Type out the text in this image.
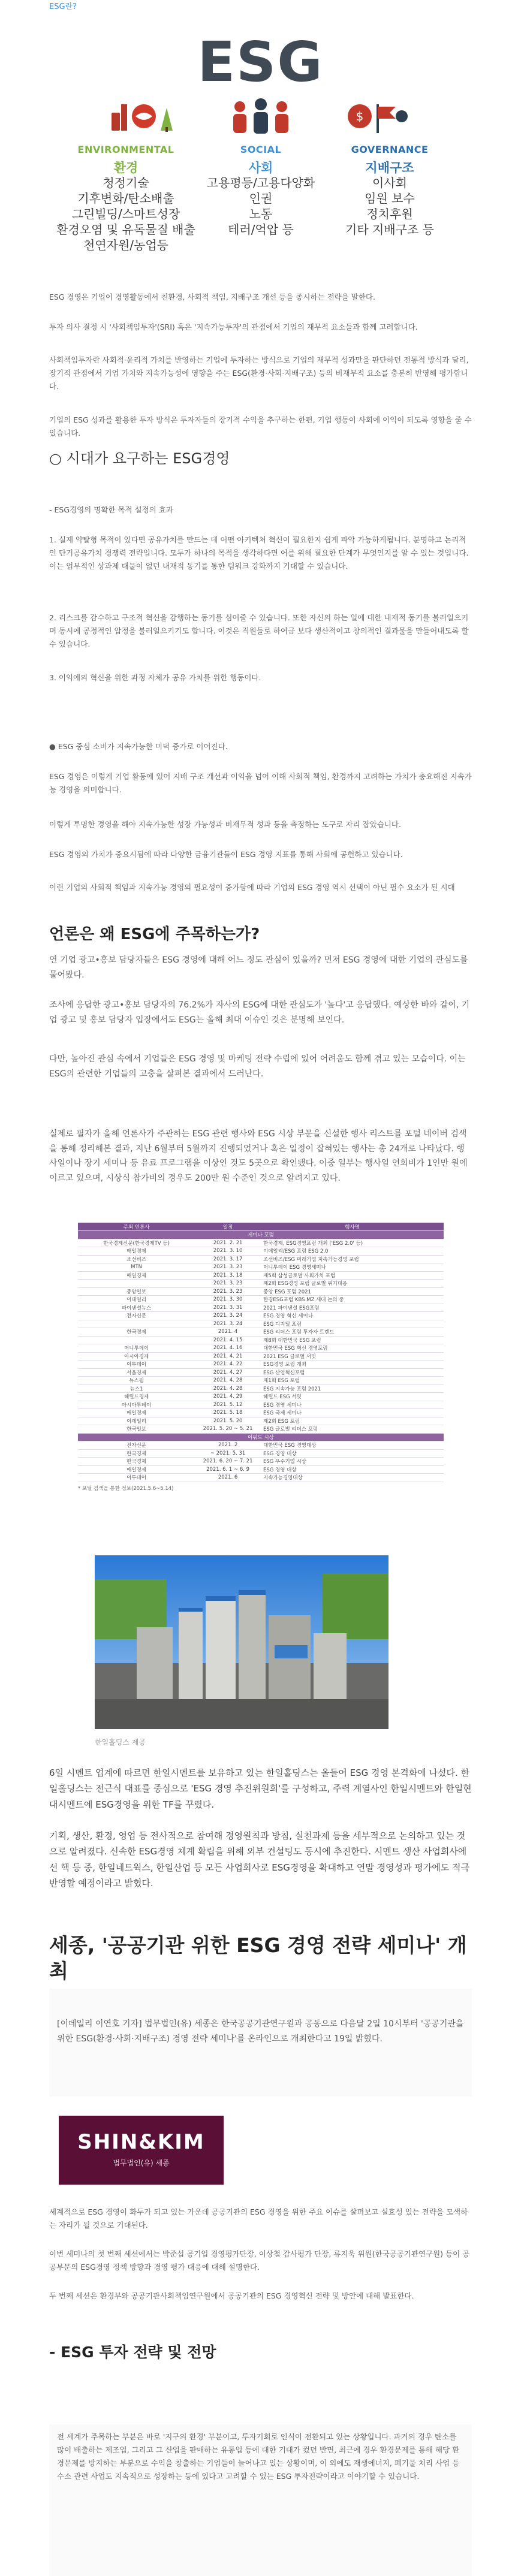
ESG란?
ESG
$
ENVIRONMENTAL	SOCIAL	GOVERNANCE
환경	사회	지배구조
청정기술
기후변화/탄소배출
그린빌딩/스마트성장
환경오염 및 유독물질 배출
천연자원/농업등
고용평등/고용다양화
인권
노동
테러/억압 등
이사회
임원 보수
정치후원
기타 지배구조 등

ESG 경영은 기업이 경영활동에서 친환경, 사회적 책임, 지배구조 개선 등을 종시하는 전략을 말한다.

투자 의사 결정 시 '사회책임투자'(SRI) 혹은 '지속가능투자'의 관점에서 기업의 재무적 요소들과 함께 고려합니다.

사회책임투자란 사회적·윤리적 가치를 반영하는 기업에 투자하는 방식으로 기업의 재무적 성과만을 판단하던 전통적 방식과 달리, 장기적 관점에서 기업 가치와 지속가능성에 영향을 주는 ESG(환경·사회·지배구조) 등의 비재무적 요소를 충분히 반영해 평가합니다.

기업의 ESG 성과를 활용한 투자 방식은 투자자들의 장기적 수익을 추구하는 한편, 기업 행동이 사회에 이익이 되도록 영향을 줄 수 있습니다.

○ 시대가 요구하는 ESG경영

- ESG경영의 명확한 목적 설정의 효과

1. 실제 약탈형 목적이 있다면 공유가치를 만드는 데 어떤 아키텍처 혁신이 필요한지 쉽게 파악 가능하게됩니다. 분명하고 논리적인 단기공유가치 경쟁력 전략입니다. 모두가 하나의 목적을 생각하다면 어를 위해 필요한 단계가 무엇인지를 알 수 있는 것입니다. 이는 업무적인 상과제 대물이 없던 내재적 동기를 통한 팀워크 강화까지 기대할 수 있습니다.

2. 리스크를 감수하고 구조적 혁신을 감행하는 동기를 심어줄 수 있습니다. 또한 자신의 하는 일에 대한 내재적 동기를 불러일으키며 동시에 공정적인 압정을 불러일으키기도 합니다. 이것은 직원들로 하여금 보다 생산적이고 창의적인 결과물을 만들어내도록 할 수 있습니다.

3. 이익에의 혁신을 위한 과정 자체가 공유 가치를 위한 행동이다.

● ESG 중심 소비가 지속가능한 미덕 중가로 이어진다.

ESG 경영은 이렇게 기업 활동에 있어 지배 구조 개선과 이익을 넘어 이해 사회적 책임, 환경까지 고려하는 가치가 충요해진 지속가능 경영을 의미합니다.

이렇게 투명한 경영을 해야 지속가능한 성장 가능성과 비재무적 성과 등을 측정하는 도구로 자리 잡았습니다.

ESG 경영의 가치가 중요시됨에 따라 다양한 금융기관들이 ESG 경영 지표를 통해 사회에 공헌하고 있습니다.

이런 기업의 사회적 책임과 지속가능 경영의 필요성이 증가함에 따라 기업의 ESG 경영 역시 선택이 아닌 필수 요소가 된 시대

언론은 왜 ESG에 주목하는가?

연 기업 광고•홍보 담당자들은 ESG 경영에 대해 어느 정도 관심이 있을까? 먼저 ESG 경영에 대한 기업의 관심도를 물어봤다.

조사에 응답한 광고•홍보 담당자의 76.2%가 자사의 ESG에 대한 관심도가 '높다'고 응답했다. 예상한 바와 같이, 기업 광고 및 홍보 담당자 입장에서도 ESG는 올해 최대 이슈인 것은 분명해 보인다.

다만, 높아진 관심 속에서 기업들은 ESG 경영 및 마케팅 전략 수립에 있어 어려움도 함께 겪고 있는 모습이다. 이는 ESG의 관련한 기업들의 고충을 살펴본 결과에서 드러난다.

실제로 필자가 올해 언론사가 주관하는 ESG 관련 행사와 ESG 시상 부문을 신설한 행사 리스트를 포털 네이버 검색을 통해 정리해본 결과, 지난 6월부터 5월까지 진행되었거나 혹은 일정이 잡혀있는 행사는 총 24개로 나타났다. 행사일이나 장기 세미나 등 유료 프로그램을 이상인 것도 5곳으로 확인됐다. 이중 일부는 행사일 연회비가 1인만 원에 이르고 있으며, 시상식 참가비의 경우도 200만 원 수준인 것으로 알려지고 있다.

주최 언론사	일정	행사명
세미나 포럼		
한국경제신문(한국경제TV 등)	2021. 2. 21	한국경제, ESG경영포럼 개최 ('ESG 2.0' 등)
매일경제	2021. 3. 10	이데일리/ESG 포럼 ESG 2.0
조선비즈	2021. 3. 17	조선비즈/ESG 미래기업 지속가능경영 포럼
MTN	2021. 3. 23	머니투데이 ESG 경영세미나
매일경제	2021. 3. 18	제5회 삼성글로벌 사회가치 포럼
	2021. 3. 23	제2회 ESG경영 포럼 글로벌 위기대응
중앙일보	2021. 3. 23	중앙 ESG 포럼 2021
이데일리	2021. 3. 30	한경ESG포럼 KBS MZ 세대 논의 중
파이낸셜뉴스	2021. 3. 31	2021 파이낸셜 ESG포럼
전자신문	2021. 3. 24	ESG 경영 혁신 세미나
	2021. 3. 24	ESG 디지털 포럼
한국경제	2021. 4	ESG 리더스 포럼 투자자 트렌드
	2021. 4. 15	제8회 대한민국 ESG 포럼
머니투데이	2021. 4. 16	대한민국 ESG 혁신 경영포럼
아시아경제	2021. 4. 21	2021 ESG 글로벌 서밋
이투데이	2021. 4. 22	ESG경영 포럼 개최
서울경제	2021. 4. 27	ESG 산업혁신포럼
뉴스핌	2021. 4. 28	제1회 ESG 포럼
뉴스1	2021. 4. 28	ESG 지속가능 포럼 2021
헤럴드경제	2021. 4. 29	헤럴드 ESG 서밋
아시아투데이	2021. 5. 12	ESG 경영 세미나
매일경제	2021. 5. 18	ESG 국제 세미나
이데일리	2021. 5. 20	제2회 ESG 포럼
한국일보	2021. 5. 20 ~ 5. 21	ESG 글로벌 리더스 포럼
어워드 시상		
전자신문	2021. 2	대한민국 ESG 경영대상
한국경제	~ 2021. 5. 31	ESG 경영 대상
한국경제	2021. 6. 20 ~ 7. 21	ESG 우수기업 시상
매일경제	2021. 6. 1 ~ 6. 9	ESG 경영 대상
이투데이	2021. 6	지속가능경영대상
* 포털 검색을 통한 정보(2021.5.6~5.14)
한일홀딩스 제공

6일 시멘트 업계에 따르면 한일시멘트를 보유하고 있는 한일홀딩스는 올들어 ESG 경영 본격화에 나섰다. 한일홀딩스는 전근식 대표를 중심으로 'ESG 경영 추진위원회'를 구성하고, 주력 계열사인 한일시멘트와 한일현대시멘트에 ESG경영을 위한 TF를 꾸렸다.

기획, 생산, 환경, 영업 등 전사적으로 참여해 경영원칙과 방침, 실천과제 등을 세부적으로 논의하고 있는 것으로 알려졌다. 신속한 ESG경영 체계 확립을 위해 외부 컨설팅도 동시에 추진한다. 시멘트 생산 사업회사에 선 핵 등 중, 한일네트웍스, 한일산업 등 모든 사업회사로 ESG경영을 확대하고 연말 경영성과 평가에도 적극 반영할 예정이라고 밝혔다.

세종, '공공기관 위한 ESG 경영 전략 세미나' 개최

[이데일리 이연호 기자] 법무법인(유) 세종은 한국공공기관연구원과 공동으로 다음달 2일 10시부터 '공공기관을 위한 ESG(환경·사회·지배구조) 경영 전략 세미나'를 온라인으로 개최한다고 19일 밝혔다.

SHIN&KIM
법무법인(유) 세종

세계적으로 ESG 경영이 화두가 되고 있는 가운데 공공기관의 ESG 경영을 위한 주요 이슈를 살펴보고 실효성 있는 전략을 모색하는 자리가 될 것으로 기대된다.

이번 세미나의 첫 번째 세션에서는 박준섭 공기업 경영평가단장, 이상철 감사평가 단장, 류지욱 위원(한국공공기관연구원) 등이 공공부문의 ESG경영 정책 방향과 경영 평가 대응에 대해 설명한다.

두 번째 세션은 환경부와 공공기관사회책임연구원에서 공공기관의 ESG 경영혁신 전략 및 방안에 대해 발표한다.

- ESG 투자 전략 및 전망

전 세계가 주목하는 부분은 바로 '지구의 환경' 부분이고, 투자기회로 인식이 전환되고 있는 상황입니다. 과거의 경우 탄소를 많이 배출하는 제조업, 그리고 그 산업을 판매하는 유통업 등에 대한 기대가 컸던 반면, 최근에 경우 환경문제를 통해 해당 환경문제를 방지하는 부분으로 수익을 창출하는 기업들이 늘어나고 있는 상황이며, 이 외에도 재생에너지, 폐기물 처리 사업 등 수소 관련 사업도 지속적으로 성장하는 등에 있다고 고려할 수 있는 ESG 투자전략이라고 이야기할 수 있습니다.
